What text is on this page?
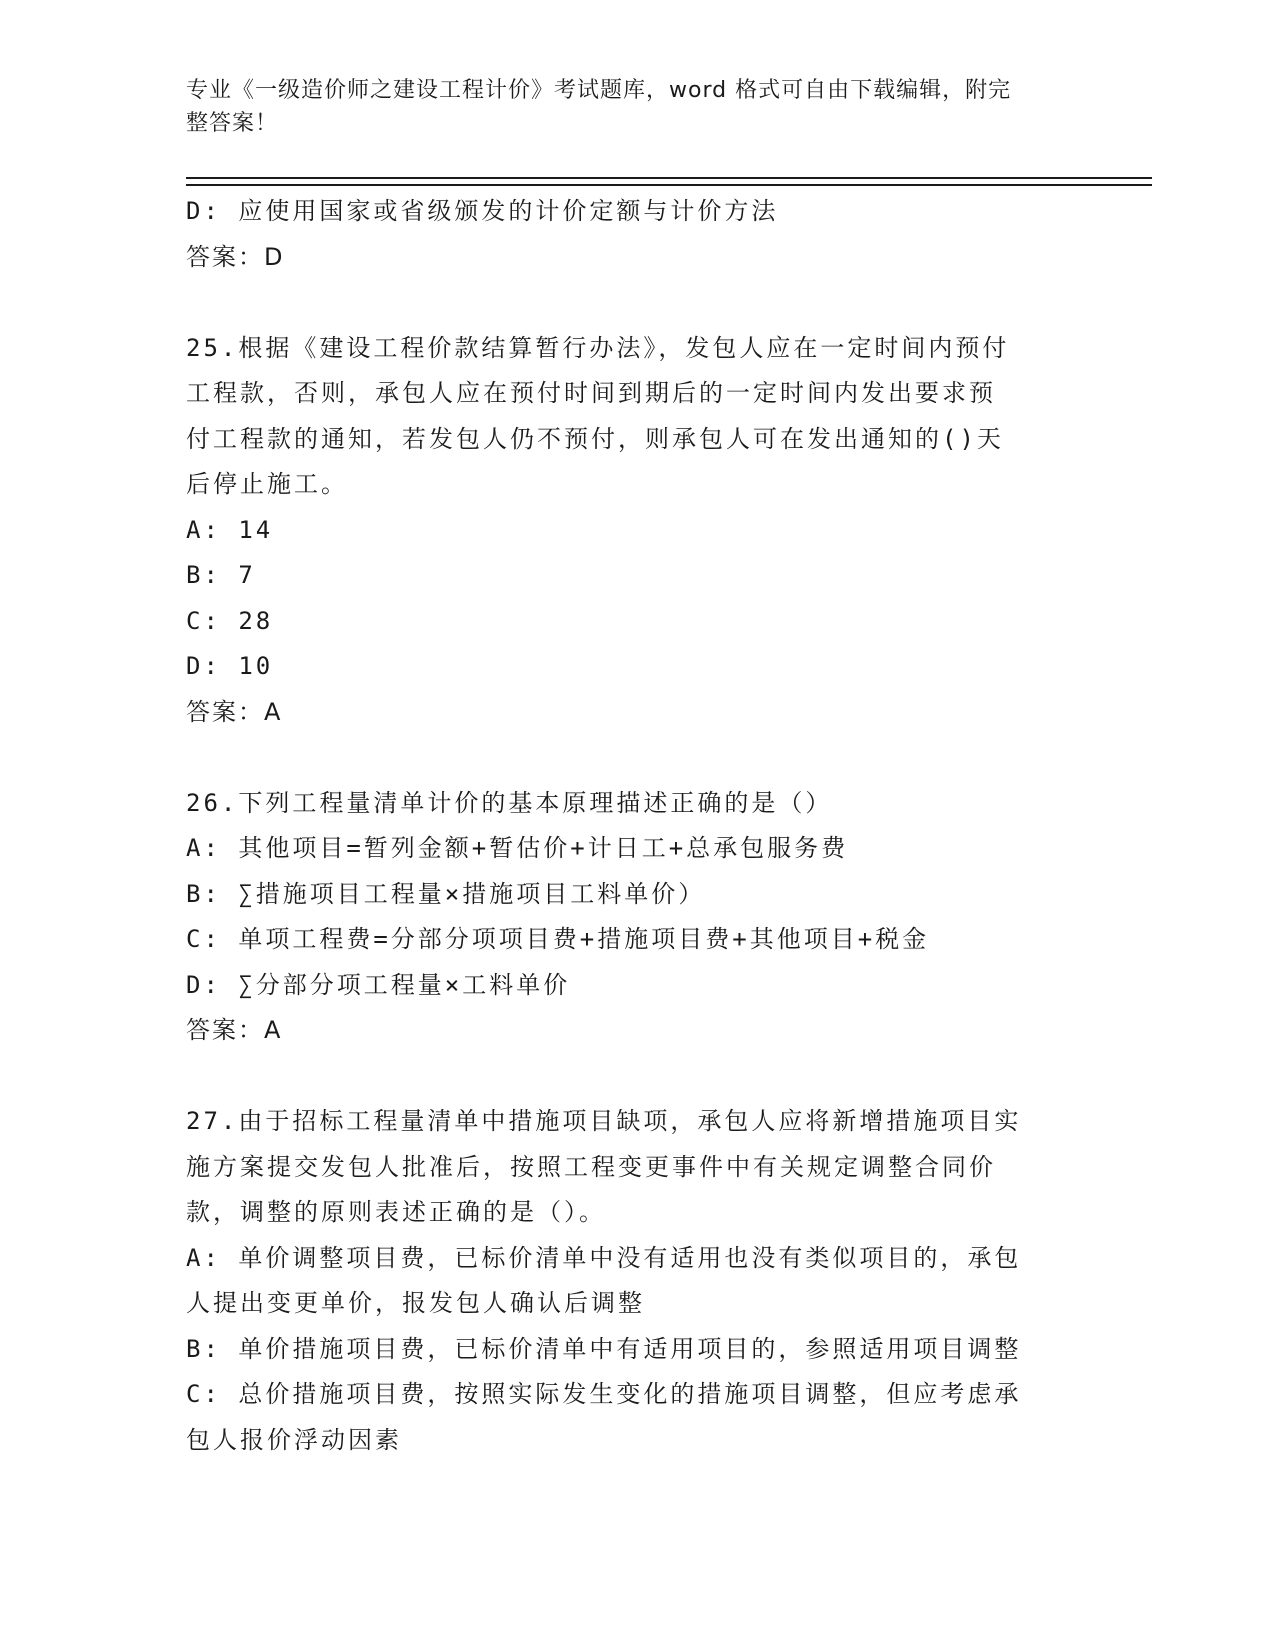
专业《一级造价师之建设工程计价》考试题库，word 格式可自由下载编辑，附完
整答案！
D: 应使用国家或省级颁发的计价定额与计价方法
答案：D
25.根据《建设工程价款结算暂行办法》，发包人应在一定时间内预付
工程款，否则，承包人应在预付时间到期后的一定时间内发出要求预
付工程款的通知，若发包人仍不预付，则承包人可在发出通知的()天
后停止施工。
A: 14
B: 7
C: 28
D: 10
答案：A
26.下列工程量清单计价的基本原理描述正确的是（）
A: 其他项目=暂列金额+暂估价+计日工+总承包服务费
B: ∑措施项目工程量×措施项目工料单价）
C: 单项工程费=分部分项项目费+措施项目费+其他项目+税金
D: ∑分部分项工程量×工料单价
答案：A
27.由于招标工程量清单中措施项目缺项，承包人应将新增措施项目实
施方案提交发包人批准后，按照工程变更事件中有关规定调整合同价
款，调整的原则表述正确的是（）。
A: 单价调整项目费，已标价清单中没有适用也没有类似项目的，承包
人提出变更单价，报发包人确认后调整
B: 单价措施项目费，已标价清单中有适用项目的，参照适用项目调整
C: 总价措施项目费，按照实际发生变化的措施项目调整，但应考虑承
包人报价浮动因素
